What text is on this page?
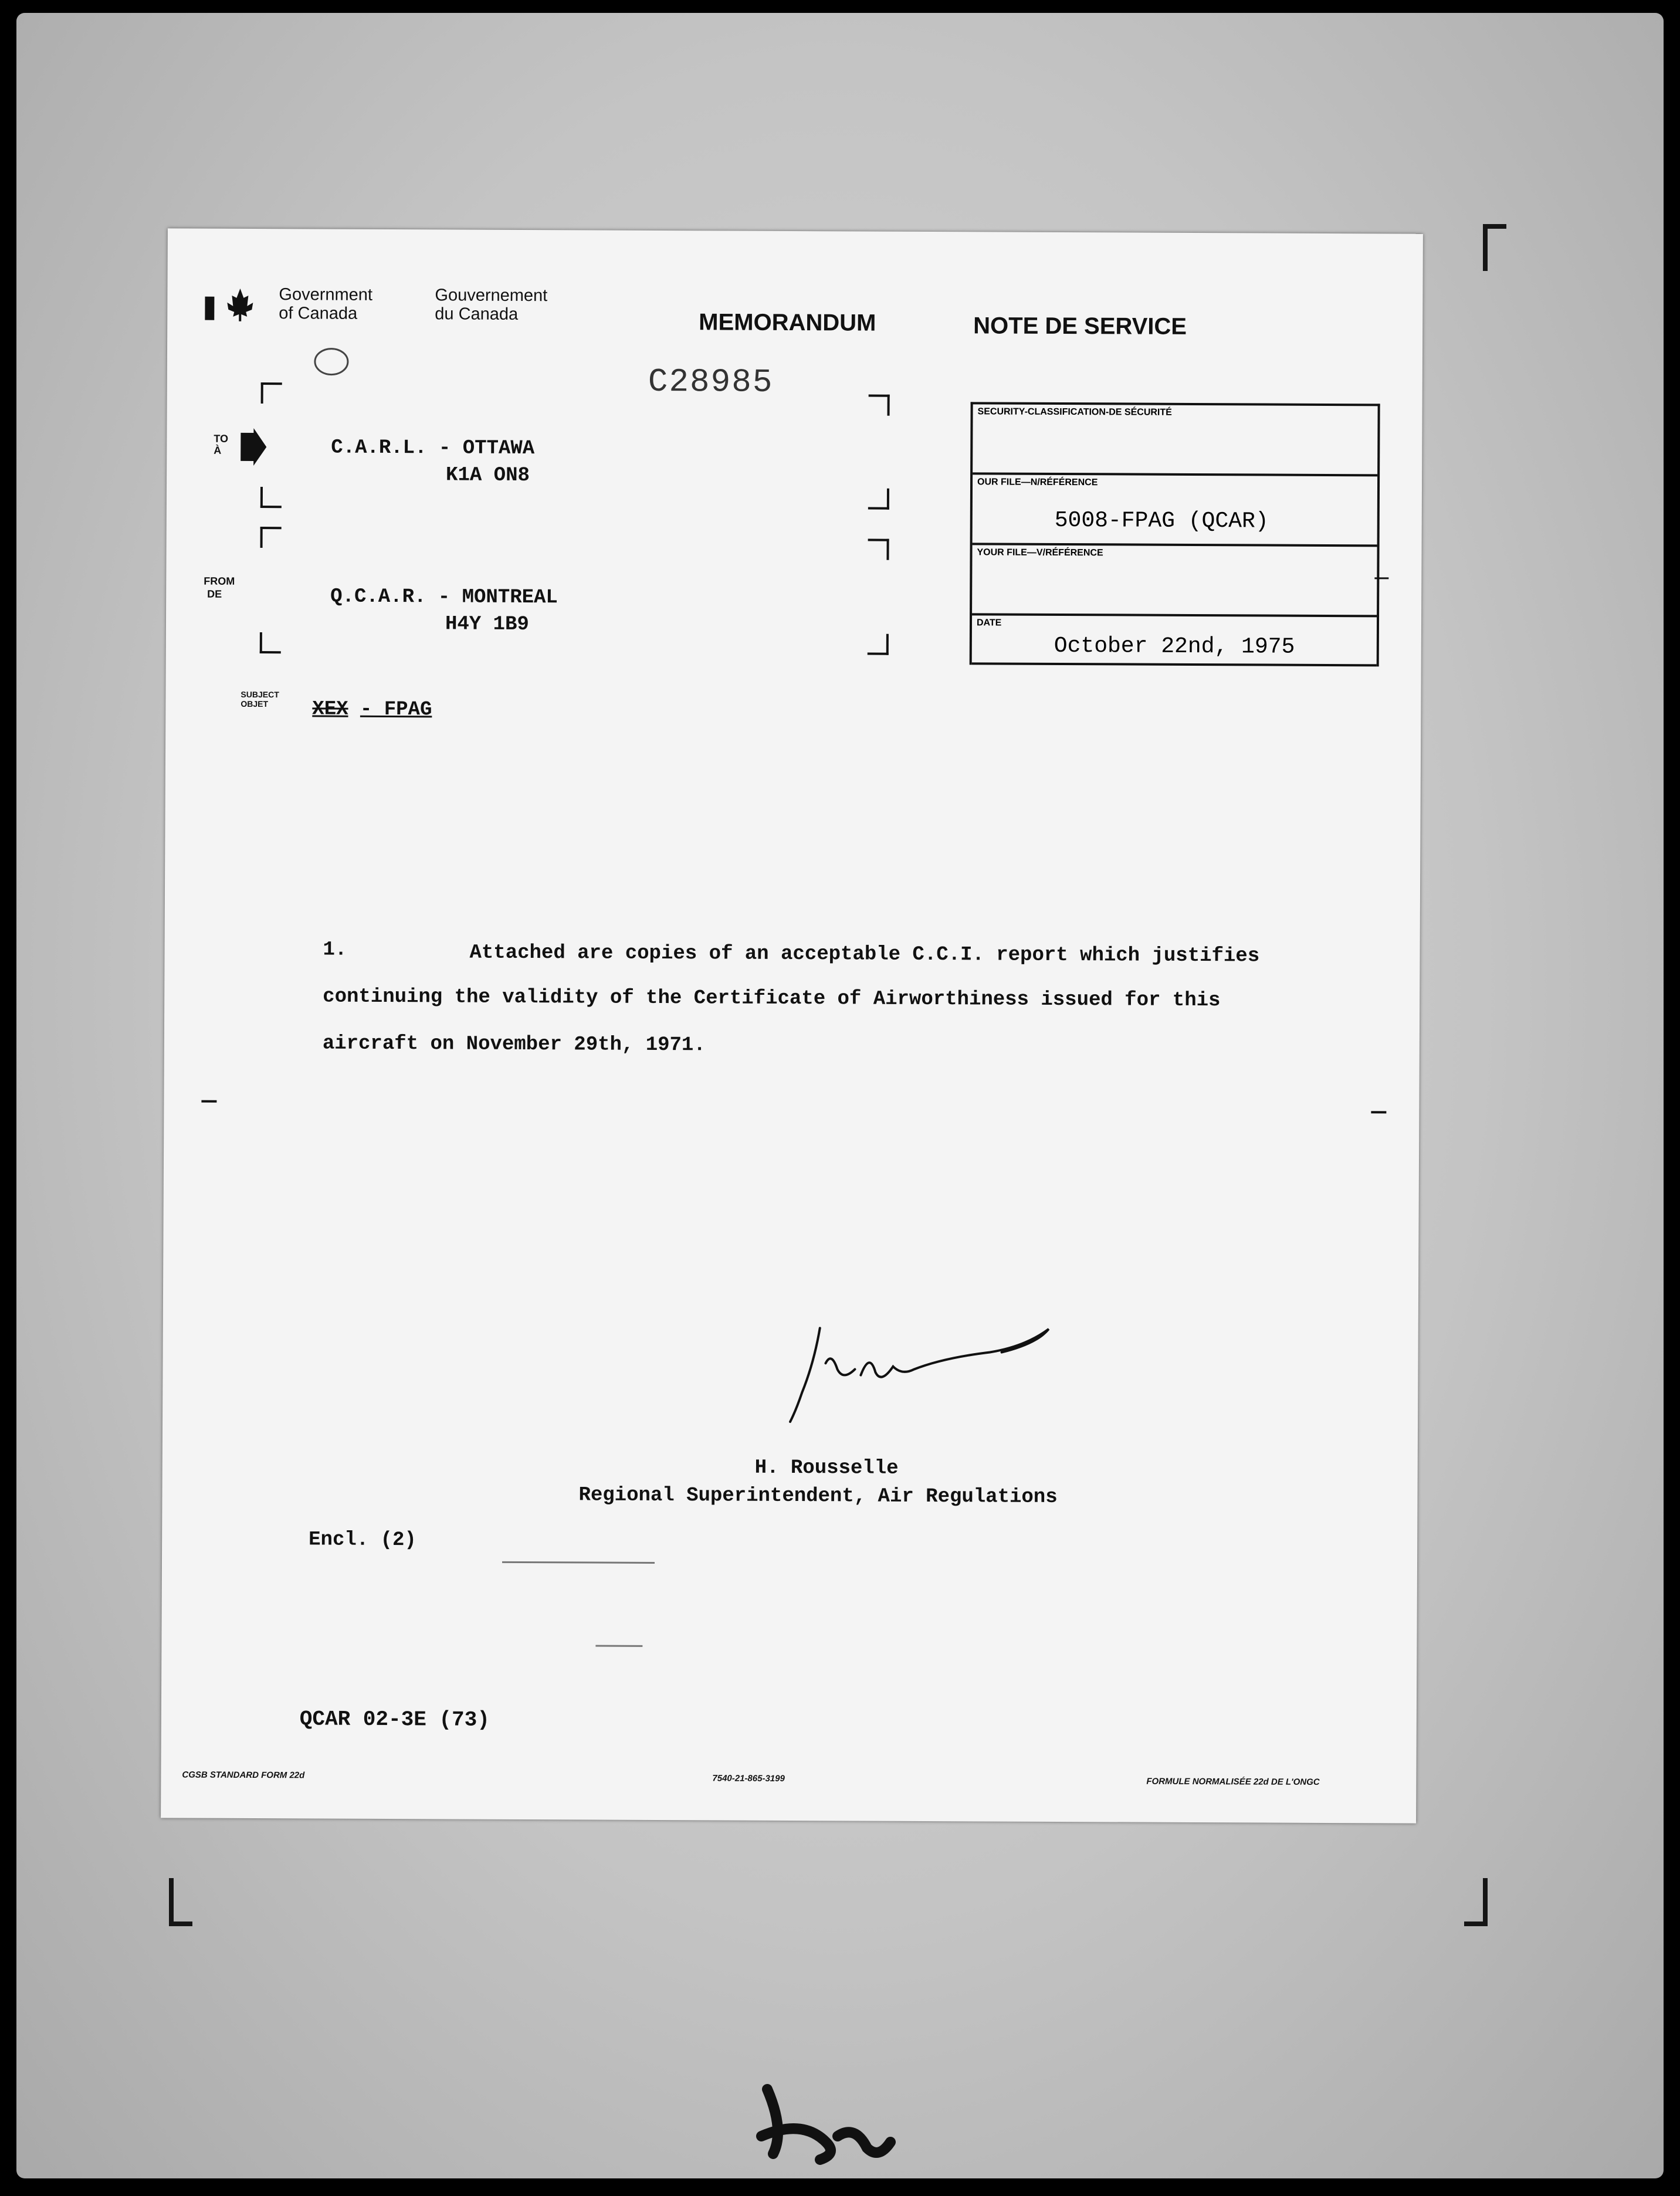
Government
of Canada
Gouvernement
du Canada	MEMORANDUM	NOTE DE SERVICE
C28985
TO
À	C.A.R.L. - OTTAWA
K1A ON8
FROM
DE	Q.C.A.R. - MONTREAL
H4Y 1B9
SUBJECT
OBJET	XEX - FPAG
SECURITY-CLASSIFICATION-DE SÉCURITÉ
OUR FILE—N/RÉFÉRENCE
5008-FPAG (QCAR)
YOUR FILE—V/RÉFÉRENCE
DATE
October 22nd, 1975
1.	Attached are copies of an acceptable C.C.I. report which justifies
continuing the validity of the Certificate of Airworthiness issued for this
aircraft on November 29th, 1971.
H. Rousselle
Regional Superintendent, Air Regulations
Encl. (2)
QCAR 02-3E (73)
CGSB STANDARD FORM 22d	7540-21-865-3199	FORMULE NORMALISÉE 22d DE L'ONGC
